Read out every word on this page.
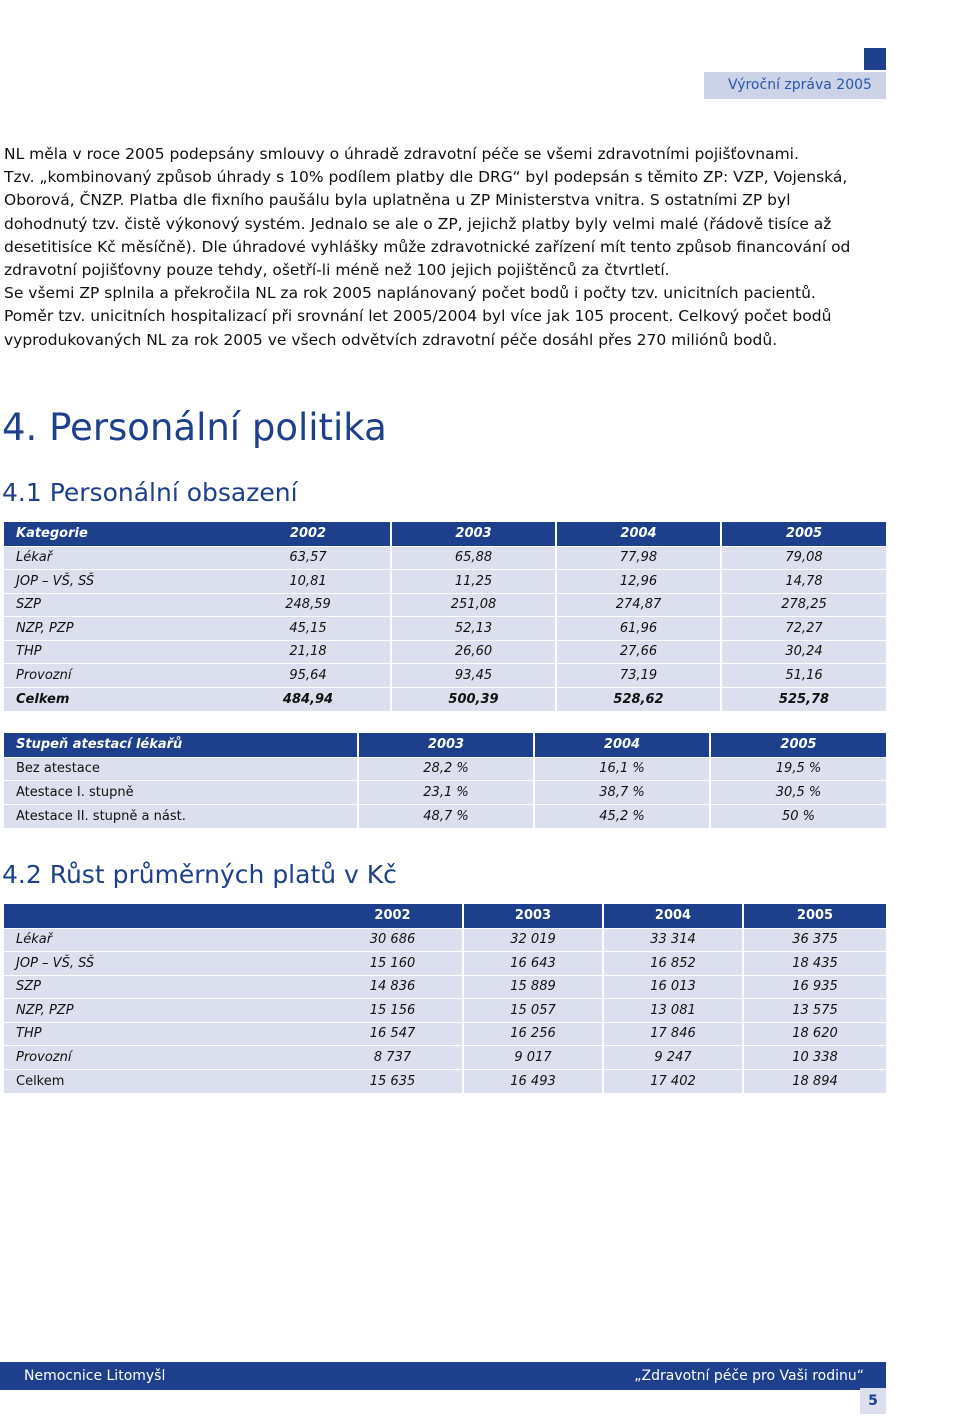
Výroční zpráva 2005

NL měla v roce 2005 podepsány smlouvy o úhradě zdravotní péče se všemi zdravotními pojišťovnami.

Tzv. „kombinovaný způsob úhrady s 10% podílem platby dle DRG“ byl podepsán s těmito ZP: VZP, Vojenská,

Oborová, ČNZP. Platba dle fixního paušálu byla uplatněna u ZP Ministerstva vnitra. S ostatními ZP byl

dohodnutý tzv. čistě výkonový systém. Jednalo se ale o ZP, jejichž platby byly velmi malé (řádově tisíce až

desetitisíce Kč měsíčně). Dle úhradové vyhlášky může zdravotnické zařízení mít tento způsob financování od

zdravotní pojišťovny pouze tehdy, ošetří-li méně než 100 jejich pojištěnců za čtvrtletí.

Se všemi ZP splnila a překročila NL za rok 2005 naplánovaný počet bodů i počty tzv. unicitních pacientů.

Poměr tzv. unicitních hospitalizací při srovnání let 2005/2004 byl více jak 105 procent. Celkový počet bodů

vyprodukovaných NL za rok 2005 ve všech odvětvích zdravotní péče dosáhl přes 270 miliónů bodů.

4. Personální politika
4.1 Personální obsazení
Kategorie	2002	2003	2004	2005
Lékař	63,57	65,88	77,98	79,08
JOP – VŠ, SŠ	10,81	11,25	12,96	14,78
SZP	248,59	251,08	274,87	278,25
NZP, PZP	45,15	52,13	61,96	72,27
THP	21,18	26,60	27,66	30,24
Provozní	95,64	93,45	73,19	51,16
Celkem	484,94	500,39	528,62	525,78
Stupeň atestací lékařů	2003	2004	2005
Bez atestace	28,2 %	16,1 %	19,5 %
Atestace I. stupně	23,1 %	38,7 %	30,5 %
Atestace II. stupně a nást.	48,7 %	45,2 %	50 %
4.2 Růst průměrných platů v Kč
	2002	2003	2004	2005
Lékař	30 686	32 019	33 314	36 375
JOP – VŠ, SŠ	15 160	16 643	16 852	18 435
SZP	14 836	15 889	16 013	16 935
NZP, PZP	15 156	15 057	13 081	13 575
THP	16 547	16 256	17 846	18 620
Provozní	8 737	9 017	9 247	10 338
Celkem	15 635	16 493	17 402	18 894
Nemocnice Litomyšl	„Zdravotní péče pro Vaši rodinu“
5
